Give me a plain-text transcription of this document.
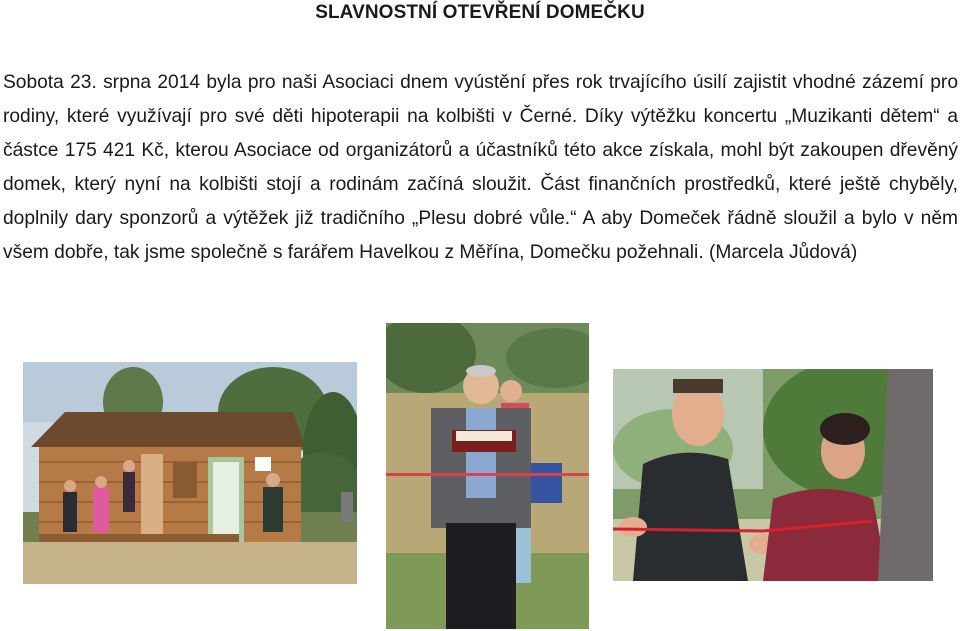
SLAVNOSTNÍ OTEVŘENÍ DOMEČKU
Sobota 23. srpna 2014 byla pro naši Asociaci dnem vyústění přes rok trvajícího úsilí zajistit vhodné zázemí pro rodiny, které využívají pro své děti hipoterapii na kolbišti v Černé. Díky výtěžku koncertu „Muzikanti dětem“ a částce 175 421 Kč, kterou Asociace od organizátorů a účastníků této akce získala, mohl být zakoupen dřevěný domek, který nyní na kolbišti stojí a rodinám začíná sloužit. Část finančních prostředků, které ještě chyběly, doplnily dary sponzorů a výtěžek již tradičního „Plesu dobré vůle.“ A aby Domeček řádně sloužil a bylo v něm všem dobře, tak jsme společně s farářem Havelkou z Měřína, Domečku požehnali. (Marcela Jůdová)
